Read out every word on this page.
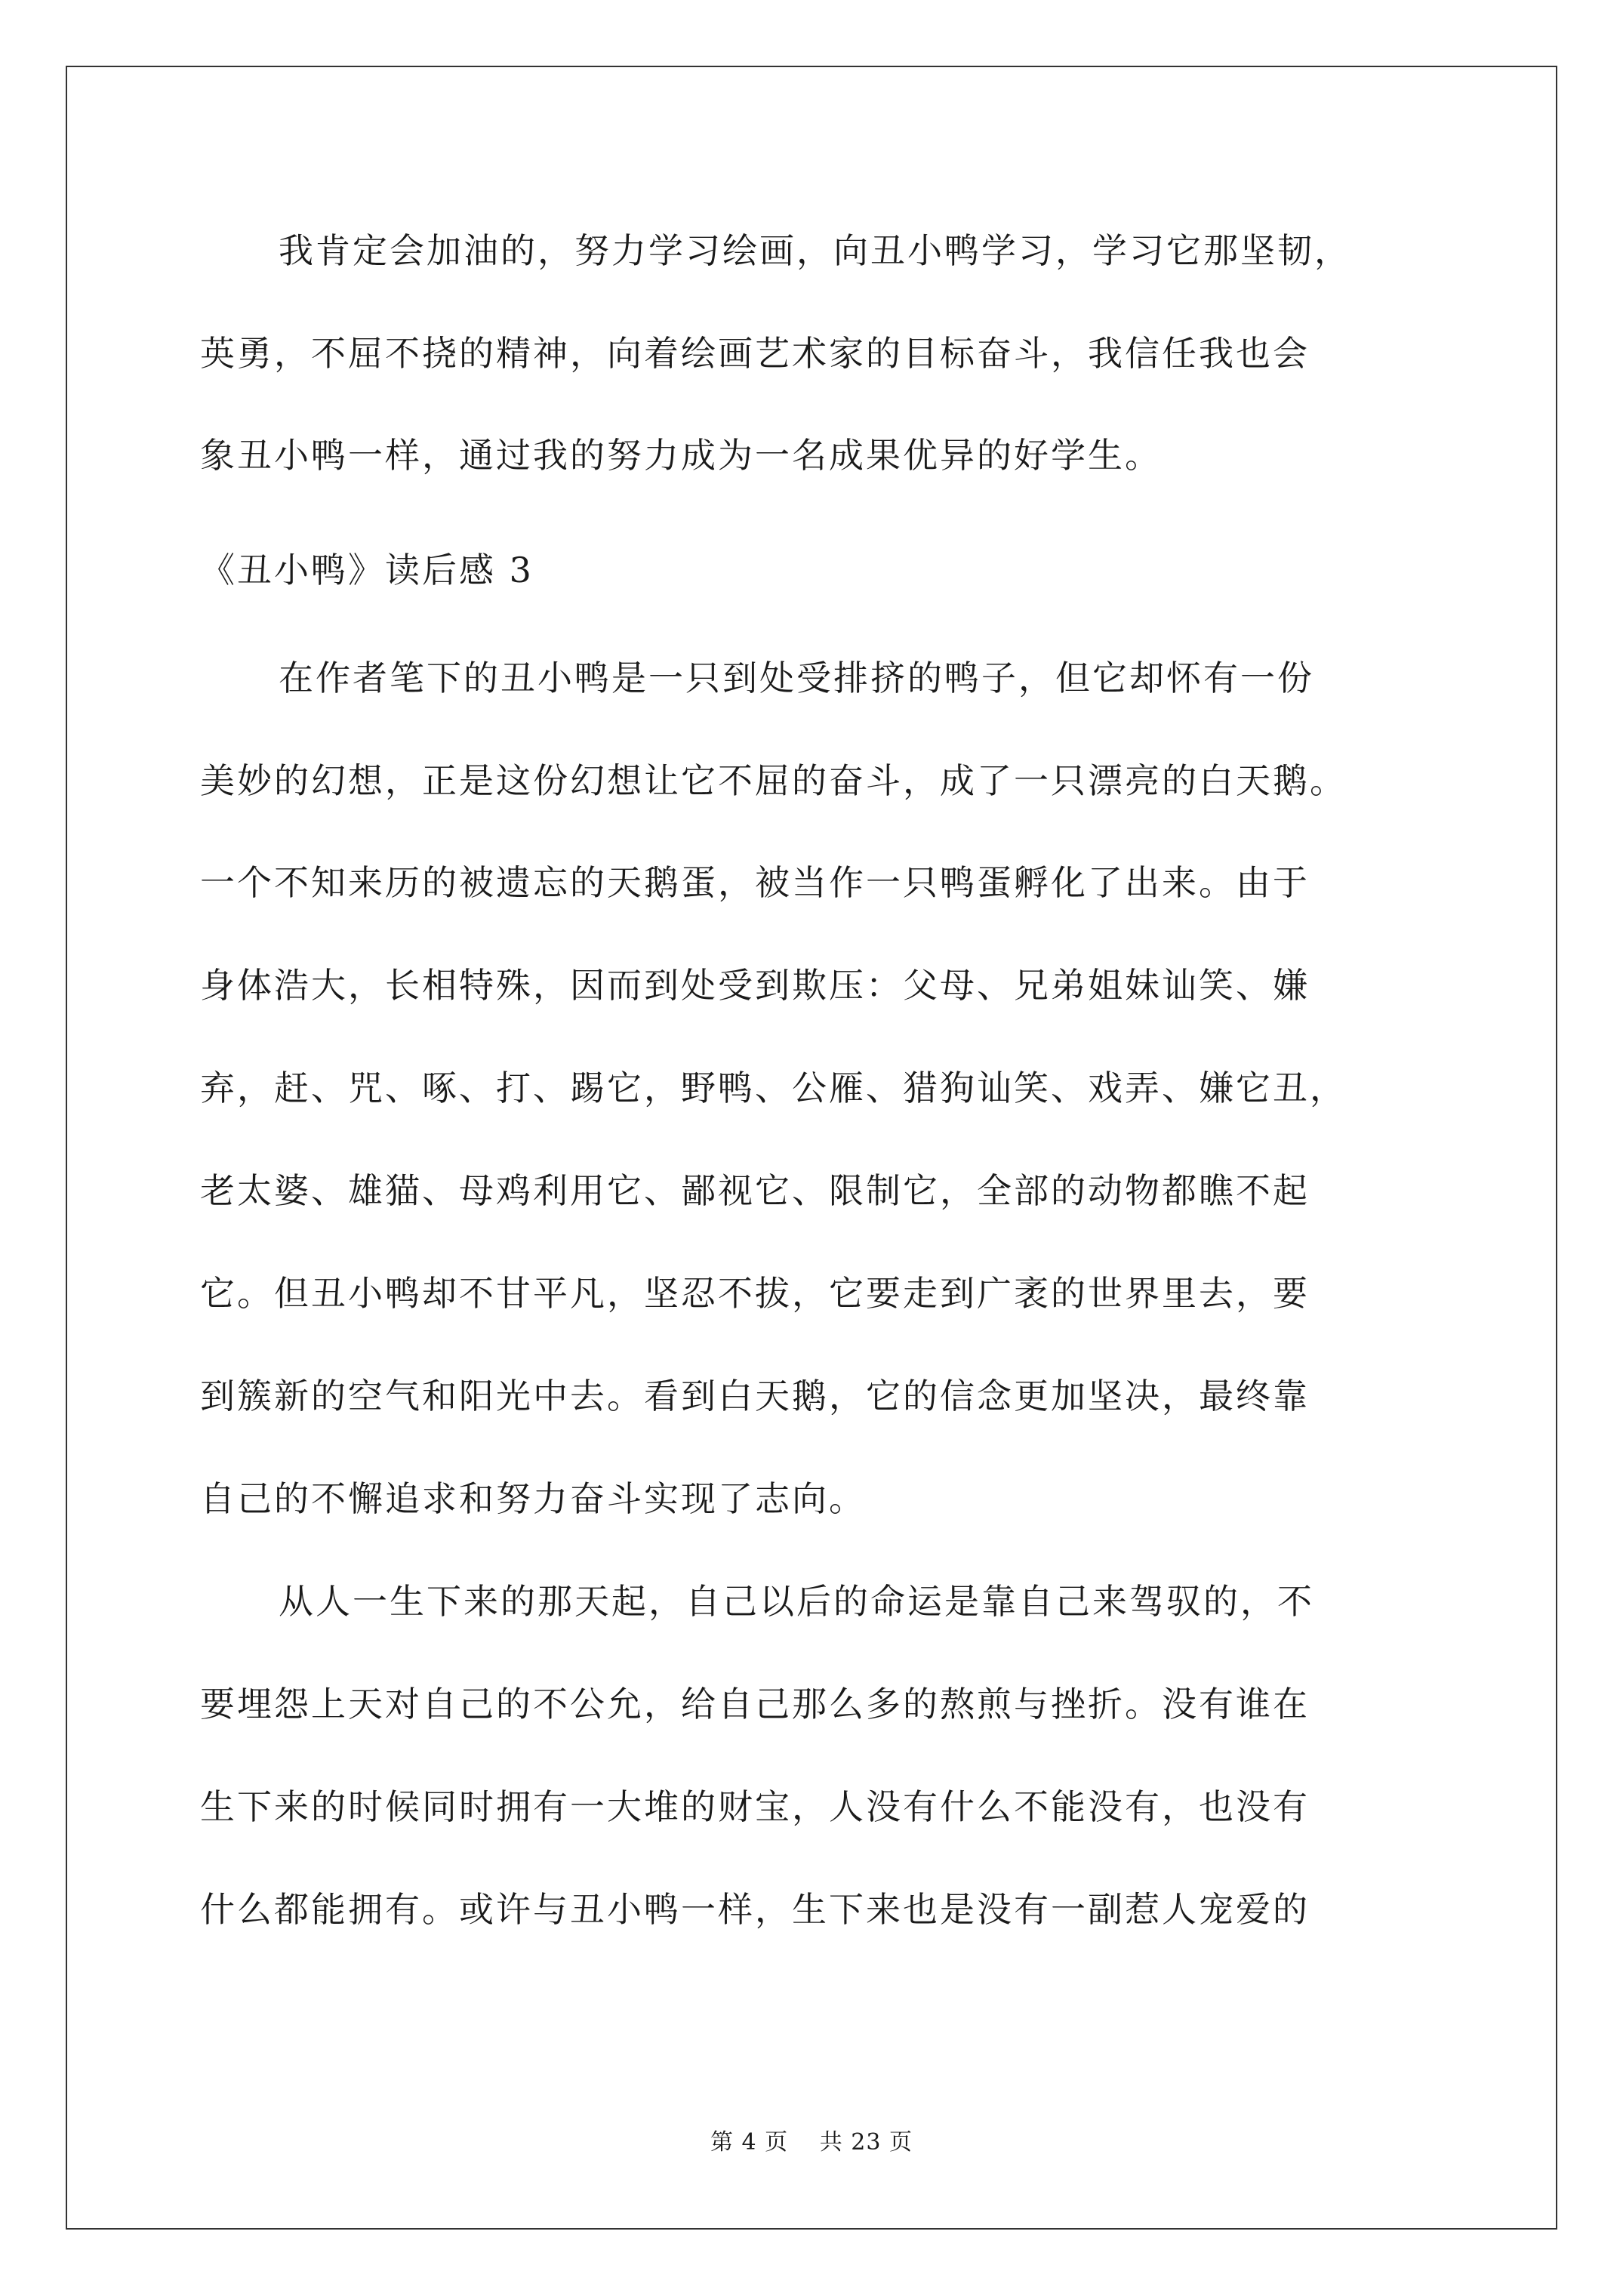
我肯定会加油的，努力学习绘画，向丑小鸭学习，学习它那坚韧，
英勇，不屈不挠的精神，向着绘画艺术家的目标奋斗，我信任我也会
象丑小鸭一样，通过我的努力成为一名成果优异的好学生。
《丑小鸭》读后感 3
在作者笔下的丑小鸭是一只到处受排挤的鸭子，但它却怀有一份
美妙的幻想，正是这份幻想让它不屈的奋斗，成了一只漂亮的白天鹅。
一个不知来历的被遗忘的天鹅蛋，被当作一只鸭蛋孵化了出来。由于
身体浩大，长相特殊，因而到处受到欺压：父母、兄弟姐妹讪笑、嫌
弃，赶、咒、啄、打、踢它，野鸭、公雁、猎狗讪笑、戏弄、嫌它丑，
老太婆、雄猫、母鸡利用它、鄙视它、限制它，全部的动物都瞧不起
它。但丑小鸭却不甘平凡，坚忍不拔，它要走到广袤的世界里去，要
到簇新的空气和阳光中去。看到白天鹅，它的信念更加坚决，最终靠
自己的不懈追求和努力奋斗实现了志向。
从人一生下来的那天起，自己以后的命运是靠自己来驾驭的，不
要埋怨上天对自己的不公允，给自己那么多的熬煎与挫折。没有谁在
生下来的时候同时拥有一大堆的财宝，人没有什么不能没有，也没有
什么都能拥有。或许与丑小鸭一样，生下来也是没有一副惹人宠爱的
第 4 页　 共 23 页
